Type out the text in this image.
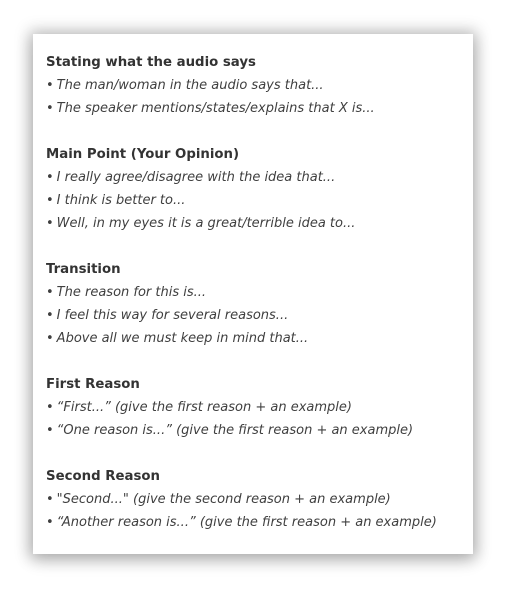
Stating what the audio says
• The man/woman in the audio says that...
• The speaker mentions/states/explains that X is...
Main Point (Your Opinion)
• I really agree/disagree with the idea that...
• I think is better to...
• Well, in my eyes it is a great/terrible idea to...
Transition
• The reason for this is...
• I feel this way for several reasons...
• Above all we must keep in mind that...
First Reason
• “First...” (give the first reason + an example)
• “One reason is...” (give the first reason + an example)
Second Reason
• "Second..." (give the second reason + an example)
• “Another reason is...” (give the first reason + an example)
